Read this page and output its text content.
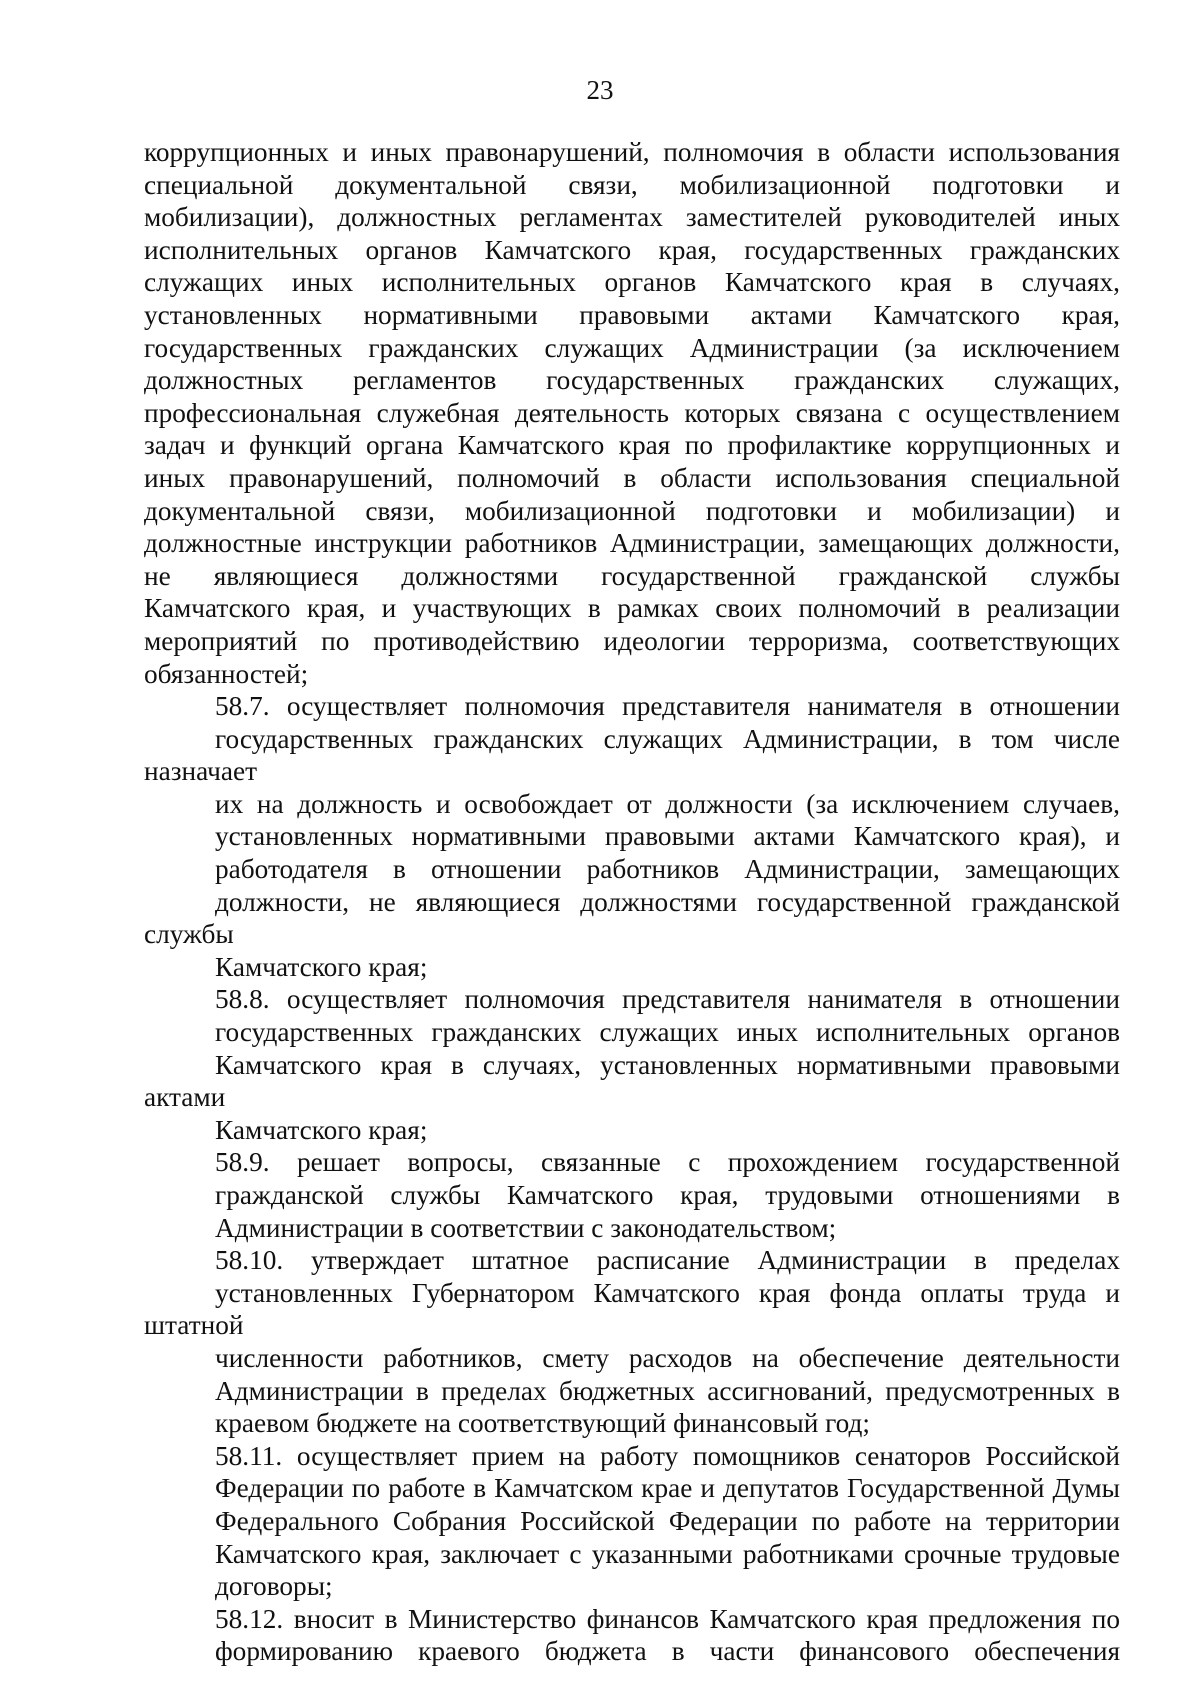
23
коррупционных и иных правонарушений, полномочия в области использования
специальной документальной связи, мобилизационной подготовки и
мобилизации), должностных регламентах заместителей руководителей иных
исполнительных органов Камчатского края, государственных гражданских
служащих иных исполнительных органов Камчатского края в случаях,
установленных нормативными правовыми актами Камчатского края,
государственных гражданских служащих Администрации (за исключением
должностных регламентов государственных гражданских служащих,
профессиональная служебная деятельность которых связана с осуществлением
задач и функций органа Камчатского края по профилактике коррупционных и
иных правонарушений, полномочий в области использования специальной
документальной связи, мобилизационной подготовки и мобилизации) и
должностные инструкции работников Администрации, замещающих должности,
не являющиеся должностями государственной гражданской службы
Камчатского края, и участвующих в рамках своих полномочий в реализации
мероприятий по противодействию идеологии терроризма, соответствующих
обязанностей;
58.7. осуществляет полномочия представителя нанимателя в отношении
государственных гражданских служащих Администрации, в том числе назначает
их на должность и освобождает от должности (за исключением случаев,
установленных нормативными правовыми актами Камчатского края), и
работодателя в отношении работников Администрации, замещающих
должности, не являющиеся должностями государственной гражданской службы
Камчатского края;
58.8. осуществляет полномочия представителя нанимателя в отношении
государственных гражданских служащих иных исполнительных органов
Камчатского края в случаях, установленных нормативными правовыми актами
Камчатского края;
58.9. решает вопросы, связанные с прохождением государственной
гражданской службы Камчатского края, трудовыми отношениями в
Администрации в соответствии с законодательством;
58.10. утверждает штатное расписание Администрации в пределах
установленных Губернатором Камчатского края фонда оплаты труда и штатной
численности работников, смету расходов на обеспечение деятельности
Администрации в пределах бюджетных ассигнований, предусмотренных в
краевом бюджете на соответствующий финансовый год;
58.11. осуществляет прием на работу помощников сенаторов Российской
Федерации по работе в Камчатском крае и депутатов Государственной Думы
Федерального Собрания Российской Федерации по работе на территории
Камчатского края, заключает с указанными работниками срочные трудовые
договоры;
58.12. вносит в Министерство финансов Камчатского края предложения по
формированию краевого бюджета в части финансового обеспечения
